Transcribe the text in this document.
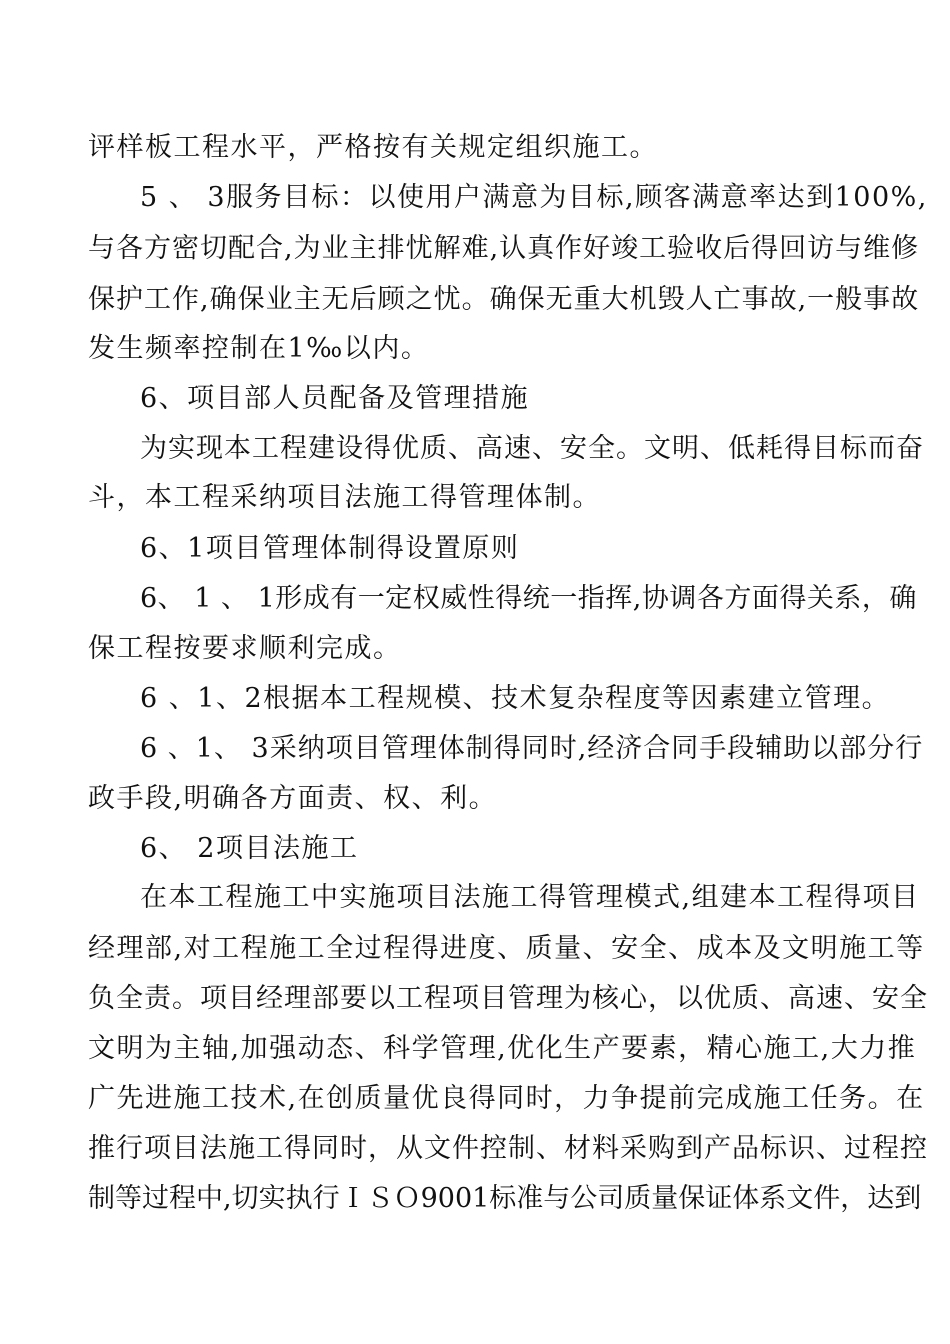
评样板工程水平，严格按有关规定组织施工。
5 、 3服务目标：以使用户满意为目标,顾客满意率达到100%,
与各方密切配合,为业主排忧解难,认真作好竣工验收后得回访与维修
保护工作,确保业主无后顾之忧。确保无重大机毁人亡事故,一般事故
发生频率控制在1‰以内。
6、项目部人员配备及管理措施
为实现本工程建设得优质、高速、安全。文明、低耗得目标而奋
斗，本工程采纳项目法施工得管理体制。
6、1项目管理体制得设置原则
6、 1 、 1形成有一定权威性得统一指挥,协调各方面得关系，确
保工程按要求顺利完成。
6 、1、2根据本工程规模、技术复杂程度等因素建立管理。
6 、1、 3采纳项目管理体制得同时,经济合同手段辅助以部分行
政手段,明确各方面责、权、利。
6、 2项目法施工
在本工程施工中实施项目法施工得管理模式,组建本工程得项目
经理部,对工程施工全过程得进度、质量、安全、成本及文明施工等
负全责。项目经理部要以工程项目管理为核心，以优质、高速、安全
文明为主轴,加强动态、科学管理,优化生产要素，精心施工,大力推
广先进施工技术,在创质量优良得同时，力争提前完成施工任务。在
推行项目法施工得同时，从文件控制、材料采购到产品标识、过程控
制等过程中,切实执行ＩＳＯ9001标准与公司质量保证体系文件，达到
